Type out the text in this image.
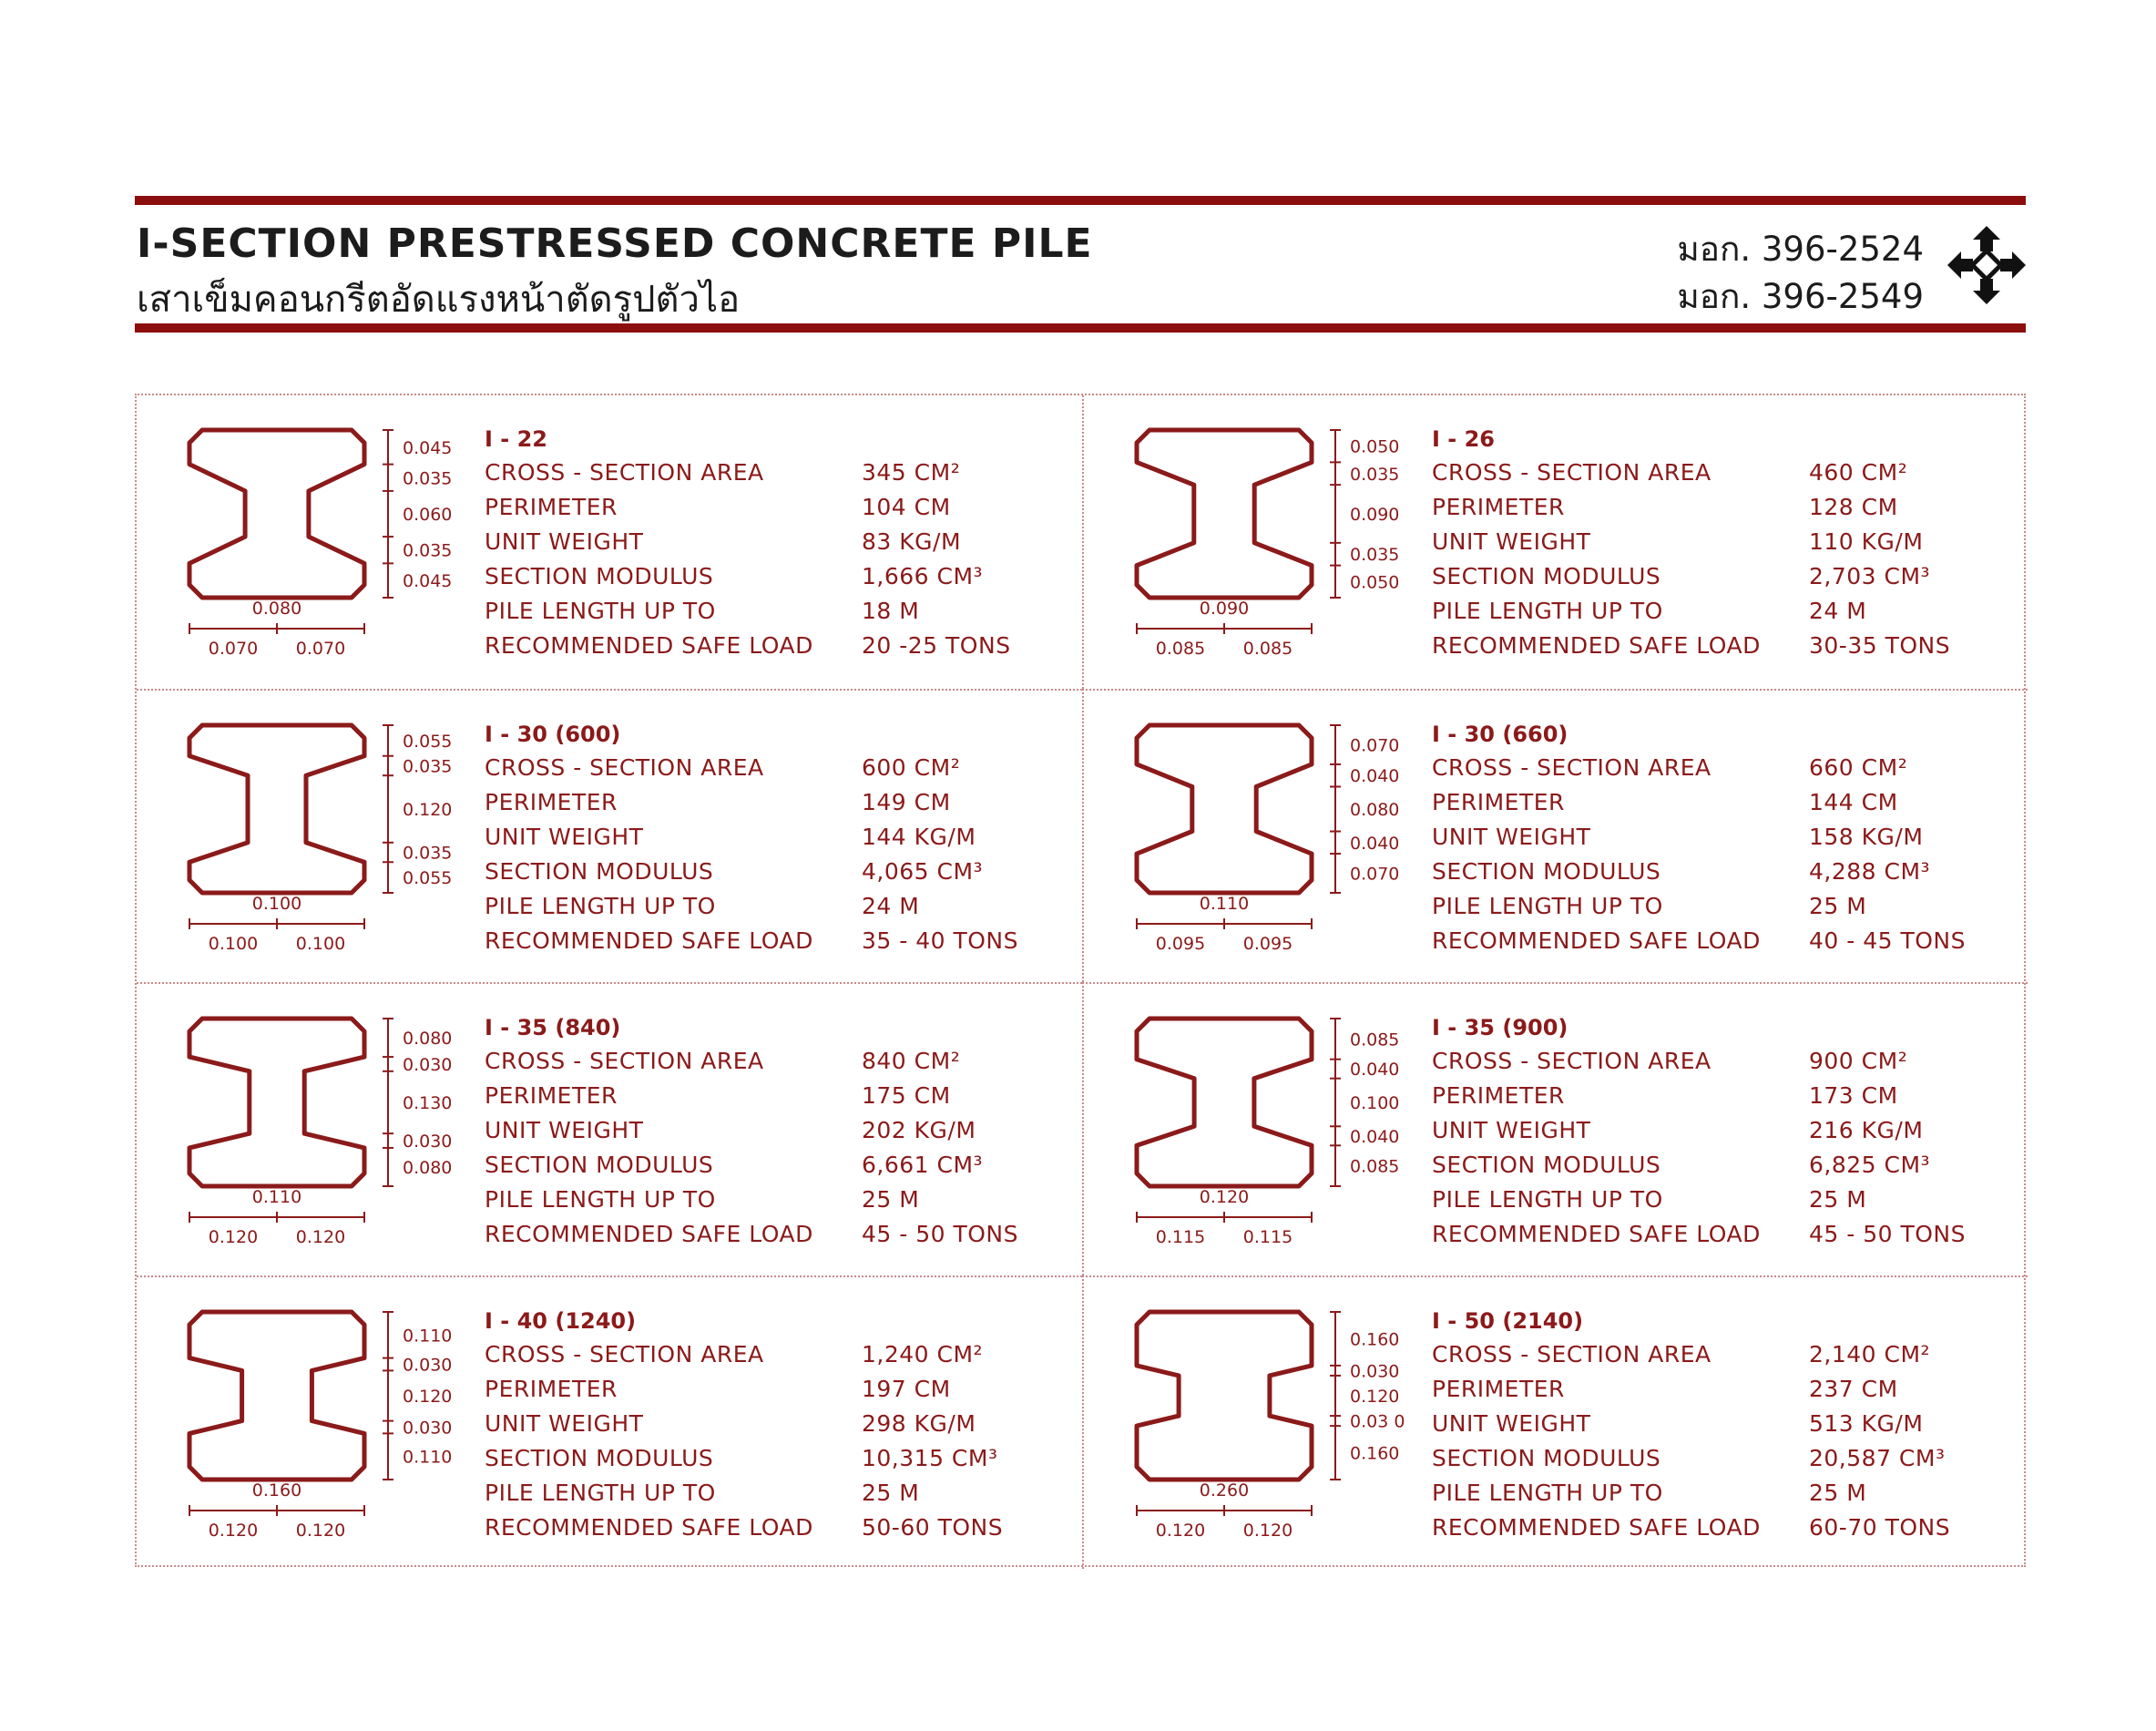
I-SECTION PRESTRESSED CONCRETE PILE
เสาเข็มคอนกรีตอัดแรงหน้าตัดรูปตัวไอ
มอก. 396-2524
มอก. 396-2549
0.045
0.035
0.060
0.035
0.045
0.080
0.070 0.070
I - 22
CROSS - SECTION AREA	345 CM²
PERIMETER	104 CM
UNIT WEIGHT	83 KG/M
SECTION MODULUS	1,666 CM³
PILE LENGTH UP TO	18 M
RECOMMENDED SAFE LOAD 20 -25 TONS
0.050
0.035
0.090
0.035
0.050
0.090
0.085 0.085
I - 26
CROSS - SECTION AREA	460 CM²
PERIMETER	128 CM
UNIT WEIGHT	110 KG/M
SECTION MODULUS	2,703 CM³
PILE LENGTH UP TO	24 M
RECOMMENDED SAFE LOAD 30-35 TONS
0.055
0.035
0.120
0.035
0.055
0.100
0.100 0.100
I - 30 (600)
CROSS - SECTION AREA	600 CM²
PERIMETER	149 CM
UNIT WEIGHT	144 KG/M
SECTION MODULUS	4,065 CM³
PILE LENGTH UP TO	24 M
RECOMMENDED SAFE LOAD 35 - 40 TONS
0.070
0.040
0.080
0.040
0.070
0.110
0.095 0.095
I - 30 (660)
CROSS - SECTION AREA	660 CM²
PERIMETER	144 CM
UNIT WEIGHT	158 KG/M
SECTION MODULUS	4,288 CM³
PILE LENGTH UP TO	25 M
RECOMMENDED SAFE LOAD 40 - 45 TONS
0.080
0.030
0.130
0.030
0.080
0.110
0.120 0.120
I - 35 (840)
CROSS - SECTION AREA	840 CM²
PERIMETER	175 CM
UNIT WEIGHT	202 KG/M
SECTION MODULUS	6,661 CM³
PILE LENGTH UP TO	25 M
RECOMMENDED SAFE LOAD 45 - 50 TONS
0.085
0.040
0.100
0.040
0.085
0.120
0.115 0.115
I - 35 (900)
CROSS - SECTION AREA	900 CM²
PERIMETER	173 CM
UNIT WEIGHT	216 KG/M
SECTION MODULUS	6,825 CM³
PILE LENGTH UP TO	25 M
RECOMMENDED SAFE LOAD 45 - 50 TONS
0.110
0.030
0.120
0.030
0.110
0.160
0.120 0.120
I - 40 (1240)
CROSS - SECTION AREA	1,240 CM²
PERIMETER	197 CM
UNIT WEIGHT	298 KG/M
SECTION MODULUS	10,315 CM³
PILE LENGTH UP TO	25 M
RECOMMENDED SAFE LOAD 50-60 TONS
0.160
0.030
0.120
0.03 0
0.160
0.260
0.120 0.120
I - 50 (2140)
CROSS - SECTION AREA	2,140 CM²
PERIMETER	237 CM
UNIT WEIGHT	513 KG/M
SECTION MODULUS	20,587 CM³
PILE LENGTH UP TO	25 M
RECOMMENDED SAFE LOAD 60-70 TONS
